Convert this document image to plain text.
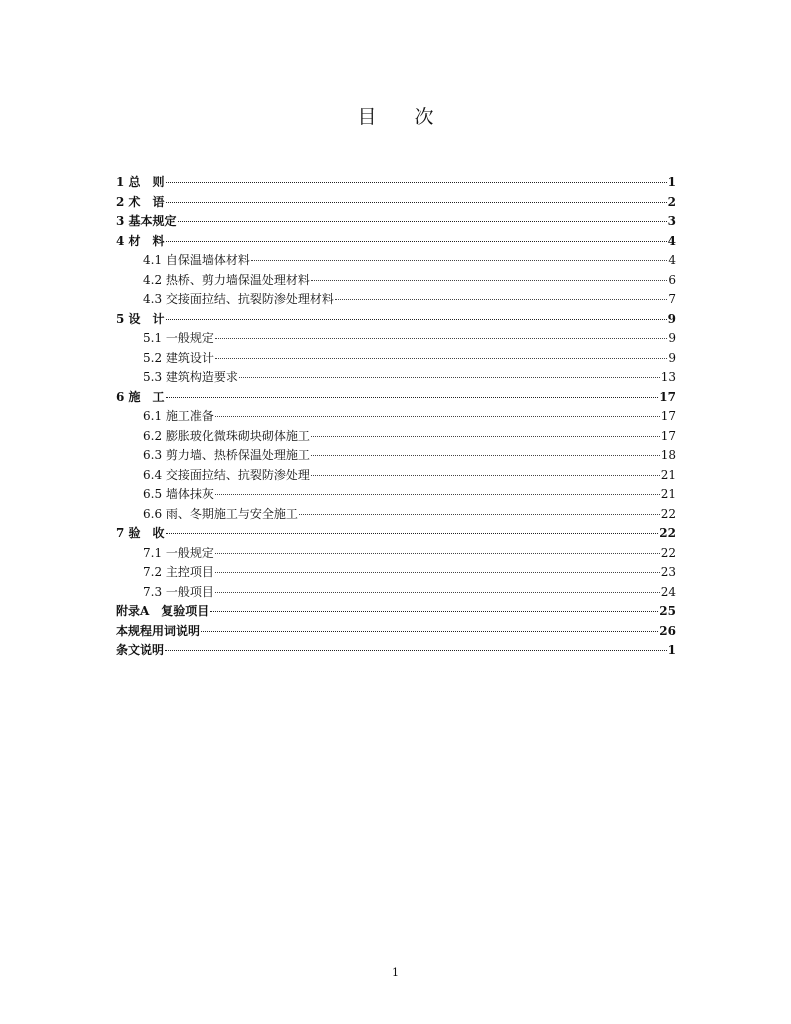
目 次
1 总　则	1
2 术　语	2
3 基本规定	3
4 材　料	4
4.1 自保温墙体材料	4
4.2 热桥、剪力墙保温处理材料	6
4.3 交接面拉结、抗裂防渗处理材料	7
5 设　计	9
5.1 一般规定	9
5.2 建筑设计	9
5.3 建筑构造要求	13
6 施　工	17
6.1 施工准备	17
6.2 膨胀玻化微珠砌块砌体施工	17
6.3 剪力墙、热桥保温处理施工	18
6.4 交接面拉结、抗裂防渗处理	21
6.5 墙体抹灰	21
6.6 雨、冬期施工与安全施工	22
7 验　收	22
7.1 一般规定	22
7.2 主控项目	23
7.3 一般项目	24
附录A　复验项目	25
本规程用词说明	26
条文说明	1
1
